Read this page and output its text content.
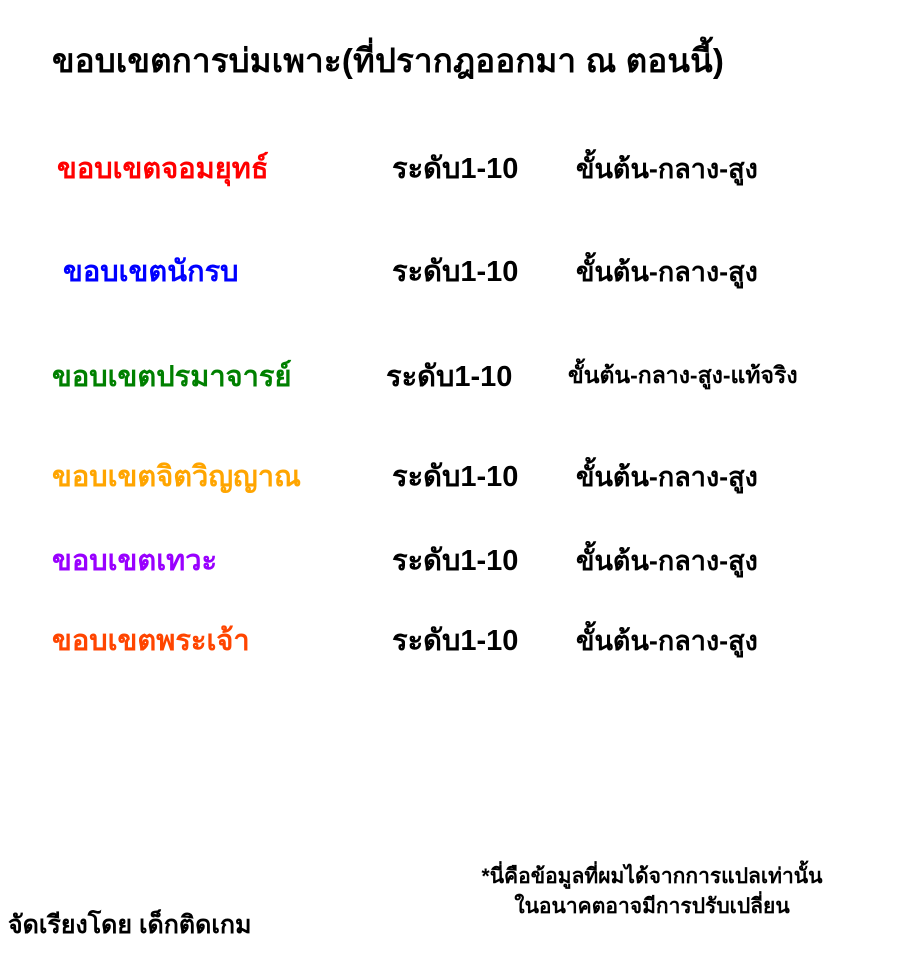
ขอบเขตการบ่มเพาะ(ที่ปรากฎออกมา ณ ตอนนี้)
ขอบเขตจอมยุทธ์	ระดับ1-10 ขั้นต้น-กลาง-สูง
ขอบเขตนักรบ	ระดับ1-10 ขั้นต้น-กลาง-สูง
ขอบเขตปรมาจารย์	ระดับ1-10 ขั้นต้น-กลาง-สูง-แท้จริง
ขอบเขตจิตวิญญาณ	ระดับ1-10 ขั้นต้น-กลาง-สูง
ขอบเขตเทวะ	ระดับ1-10 ขั้นต้น-กลาง-สูง
ขอบเขตพระเจ้า	ระดับ1-10 ขั้นต้น-กลาง-สูง
*นี่คือข้อมูลที่ผมได้จากการแปลเท่านั้น
ในอนาคตอาจมีการปรับเปลี่ยน
จัดเรียงโดย เด็กติดเกม
